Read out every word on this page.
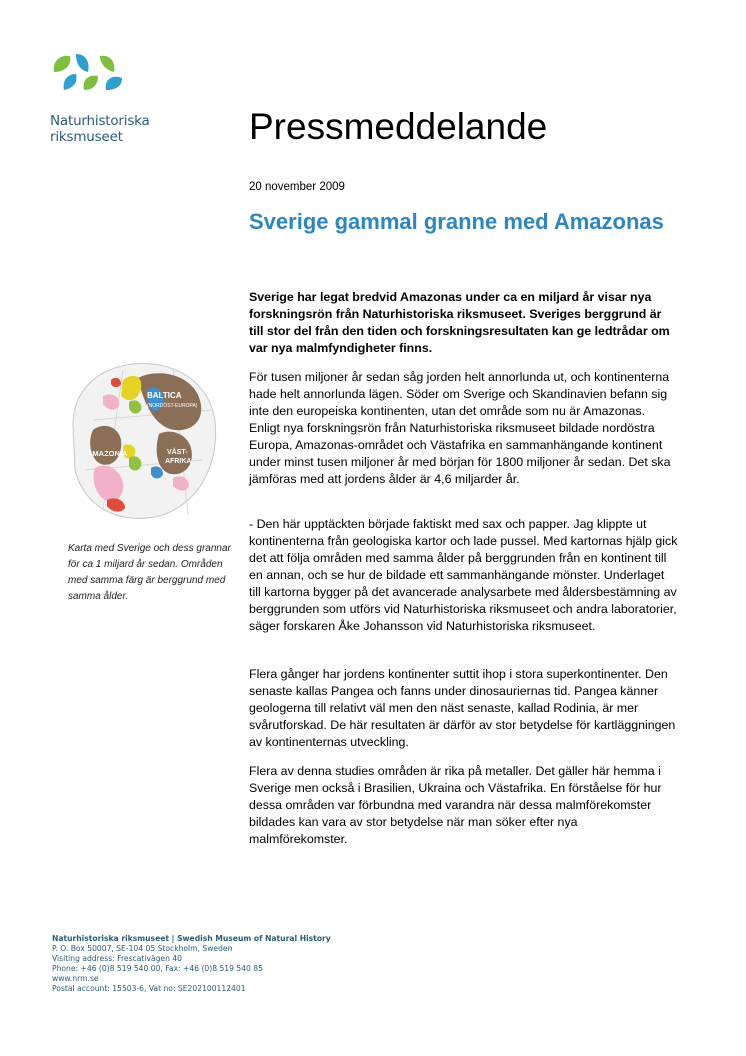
Naturhistoriska
riksmuseet	Pressmeddelande
20 november 2009
Sverige gammal granne med Amazonas

Sverige har legat bredvid Amazonas under ca en miljard år visar nya forskningsrön från Naturhistoriska riksmuseet. Sveriges berggrund är till stor del från den tiden och forskningsresultaten kan ge ledtrådar om var nya malmfyndigheter finns.

För tusen miljoner år sedan såg jorden helt annorlunda ut, och kontinenterna hade helt annorlunda lägen. Söder om Sverige och Skandinavien befann sig inte den europeiska kontinenten, utan det område som nu är Amazonas. Enligt nya forskningsrön från Naturhistoriska riksmuseet bildade nordöstra Europa, Amazonas-området och Västafrika en sammanhängande kontinent under minst tusen miljoner år med början för 1800 miljoner år sedan. Det ska jämföras med att jordens ålder är 4,6 miljarder år.

- Den här upptäckten började faktiskt med sax och papper. Jag klippte ut kontinenterna från geologiska kartor och lade pussel. Med kartornas hjälp gick det att följa områden med samma ålder på berggrunden från en kontinent till en annan, och se hur de bildade ett sammanhängande mönster. Underlaget till kartorna bygger på det avancerade analysarbete med åldersbestämning av berggrunden som utförs vid Naturhistoriska riksmuseet och andra laboratorier, säger forskaren Åke Johansson vid Naturhistoriska riksmuseet.

Flera gånger har jordens kontinenter suttit ihop i stora superkontinenter. Den senaste kallas Pangea och fanns under dinosauriernas tid. Pangea känner geologerna till relativt väl men den näst senaste, kallad Rodinia, är mer svårutforskad. De här resultaten är därför av stor betydelse för kartläggningen av kontinenternas utveckling.

Flera av denna studies områden är rika på metaller. Det gäller här hemma i Sverige men också i Brasilien, Ukraina och Västafrika. En förståelse för hur dessa områden var förbundna med varandra när dessa malmförekomster bildades kan vara av stor betydelse när man söker efter nya malmförekomster.

BALTICA
(NORDÖST-EUROPA)
AMAZONIA	VÄST-
AFRIKA

Karta med Sverige och dess grannar för ca 1 miljard år sedan. Områden med samma färg är berggrund med samma ålder.

Naturhistoriska riksmuseet | Swedish Museum of Natural History
P. O. Box 50007, SE-104 05 Stockholm, Sweden
Visiting address: Frescativägen 40
Phone: +46 (0)8 519 540 00, Fax: +46 (0)8 519 540 85
www.nrm.se
Postal account: 15503-6, Vat no: SE202100112401
